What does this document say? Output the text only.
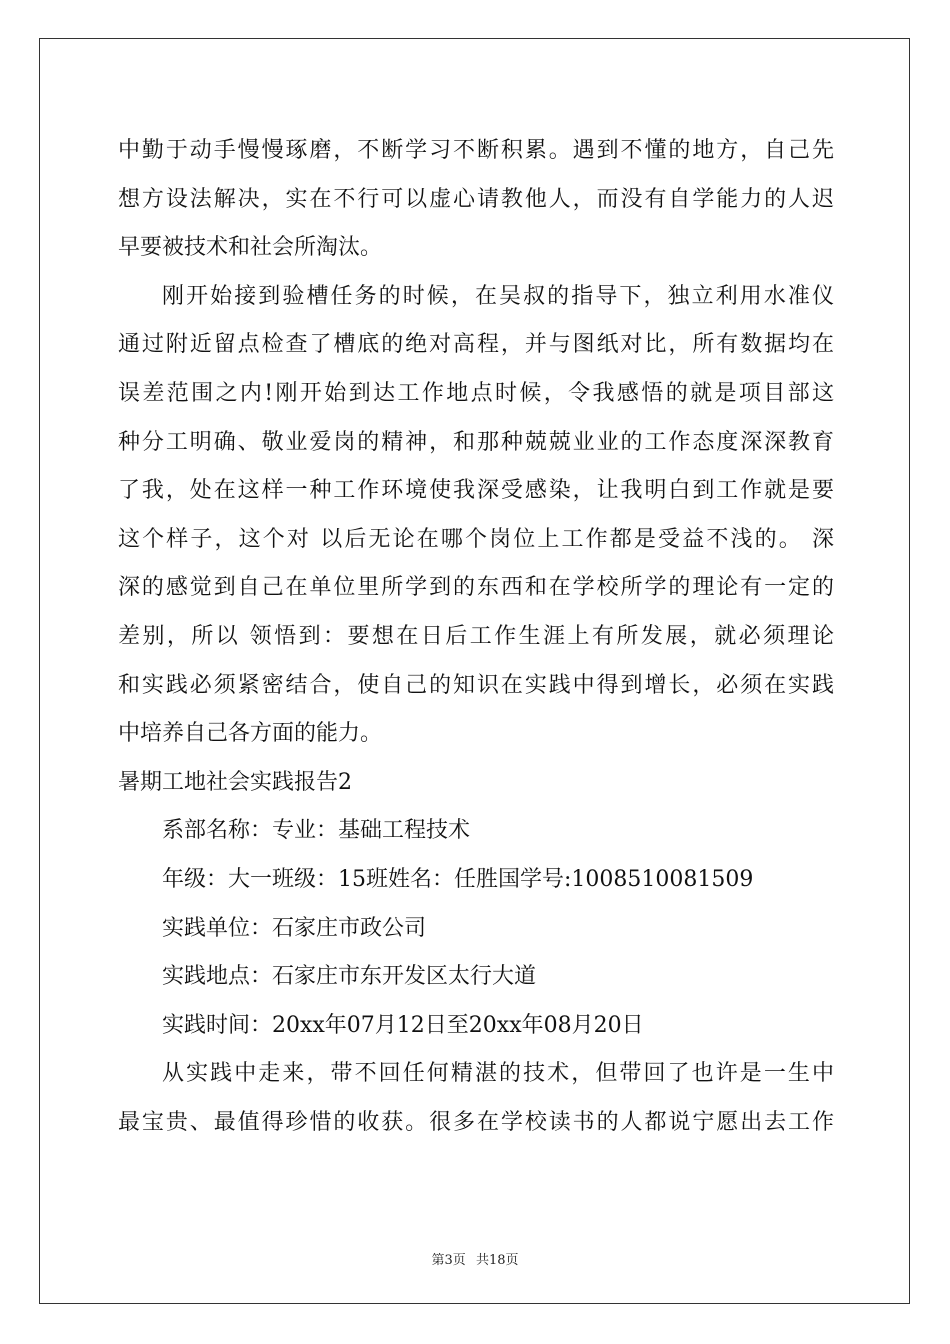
中勤于动手慢慢琢磨，不断学习不断积累。遇到不懂的地方，自己先
想方设法解决，实在不行可以虚心请教他人，而没有自学能力的人迟
早要被技术和社会所淘汰。
刚开始接到验槽任务的时候，在吴叔的指导下，独立利用水准仪
通过附近留点检查了槽底的绝对高程，并与图纸对比，所有数据均在
误差范围之内!刚开始到达工作地点时候，令我感悟的就是项目部这
种分工明确、敬业爱岗的精神，和那种兢兢业业的工作态度深深教育
了我，处在这样一种工作环境使我深受感染，让我明白到工作就是要
这个样子，这个对 以后无论在哪个岗位上工作都是受益不浅的。 深
深的感觉到自己在单位里所学到的东西和在学校所学的理论有一定的
差别，所以 领悟到：要想在日后工作生涯上有所发展，就必须理论
和实践必须紧密结合，使自己的知识在实践中得到增长，必须在实践
中培养自己各方面的能力。
暑期工地社会实践报告2
系部名称：专业：基础工程技术
年级：大一班级：15班姓名：任胜国学号:1008510081509
实践单位：石家庄市政公司
实践地点：石家庄市东开发区太行大道
实践时间：20xx年07月12日至20xx年08月20日
从实践中走来，带不回任何精湛的技术，但带回了也许是一生中
最宝贵、最值得珍惜的收获。很多在学校读书的人都说宁愿出去工作
第3页 共18页
